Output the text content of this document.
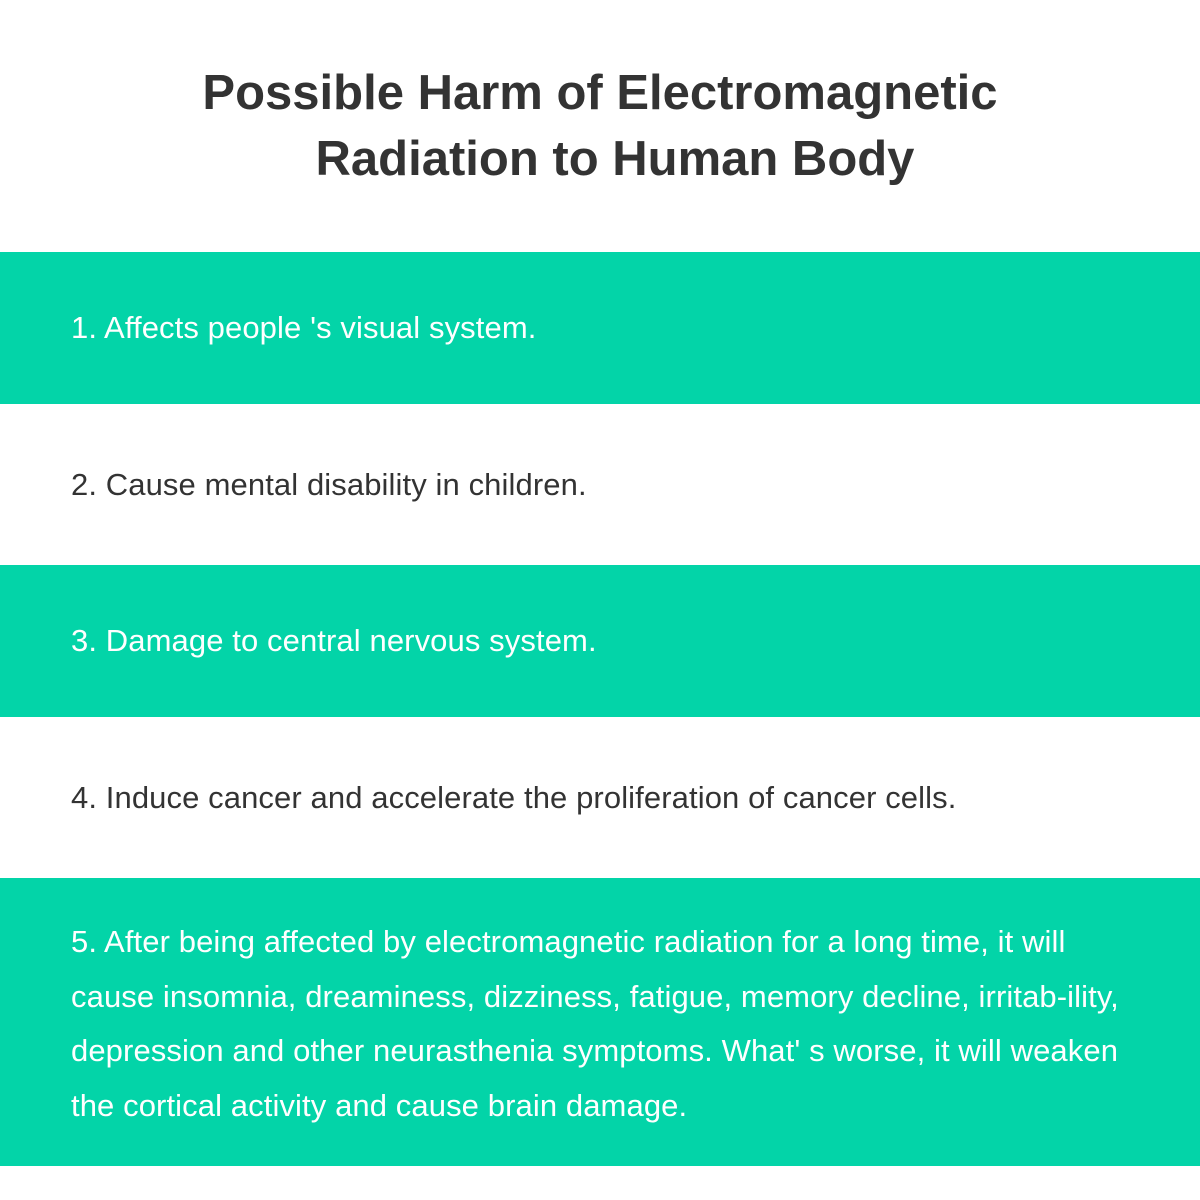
Possible Harm of Electromagnetic
Radiation to Human Body

1. Affects people 's visual system.

2. Cause mental disability in children.

3. Damage to central nervous system.

4. Induce cancer and accelerate the proliferation of cancer cells.

5. After being affected by electromagnetic radiation for a long time, it will cause insomnia, dreaminess, dizziness, fatigue, memory decline, irritab-ility, depression and other neurasthenia symptoms. What' s worse, it will weaken the cortical activity and cause brain damage.
